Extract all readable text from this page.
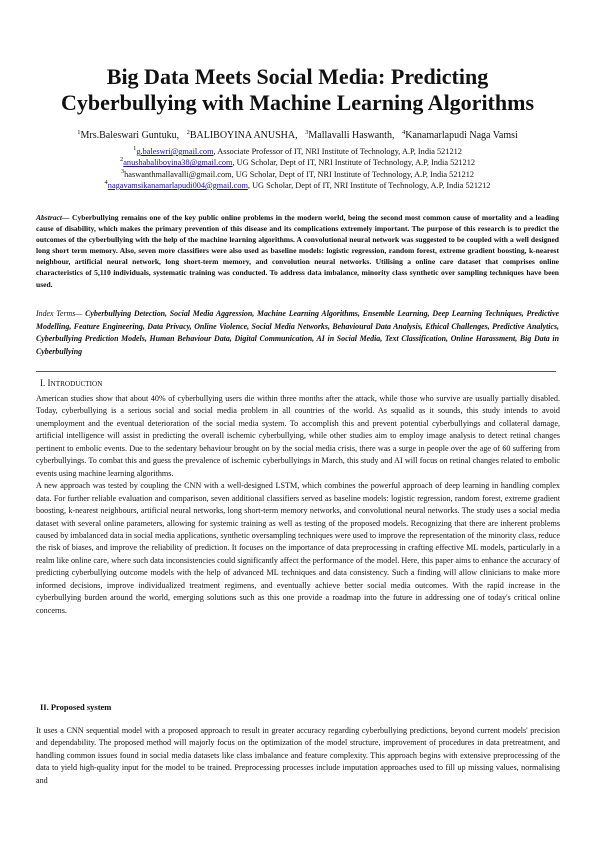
Big Data Meets Social Media: Predicting
Cyberbullying with Machine Learning Algorithms
$^1$Mrs.Baleswari Guntuku, $^2$BALIBOYINA ANUSHA, $^3$Mallavalli Haswanth, $^4$Kanamarlapudi Naga Vamsi
$^1$g.baleswri@gmail.com, Associate Professor of IT, NRI Institute of Technology, A.P, India 521212
$^2$anushabaliboyina38@gmail.com, UG Scholar, Dept of IT, NRI Institute of Technology, A.P, India 521212
$^3$haswanthmallavalli@gmail.com, UG Scholar, Dept of IT, NRI Institute of Technology, A.P, India 521212
$^4$nagavamsikanamarlapudi004@gmail.com, UG Scholar, Dept of IT, NRI Institute of Technology, A.P, India 521212

Abstract— Cyberbullying remains one of the key public online problems in the modern world, being the second most common cause of mortality and a leading cause of disability, which makes the primary prevention of this disease and its complications extremely important. The purpose of this research is to predict the outcomes of the cyberbullying with the help of the machine learning algorithms. A convolutional neural network was suggested to be coupled with a well designed long short term memory. Also, seven more classifiers were also used as baseline models: logistic regression, random forest, extreme gradient boosting, k-nearest neighbour, artificial neural network, long short-term memory, and convolution neural networks. Utilising a online care dataset that comprises online characteristics of 5,110 individuals, systematic training was conducted. To address data imbalance, minority class synthetic over sampling techniques have been used.

Index Terms— Cyberbullying Detection, Social Media Aggression, Machine Learning Algorithms, Ensemble Learning, Deep Learning Techniques, Predictive Modelling, Feature Engineering, Data Privacy, Online Violence, Social Media Networks, Behavioural Data Analysis, Ethical Challenges, Predictive Analytics, Cyberbullying Prediction Models, Human Behaviour Data, Digital Communication, AI in Social Media, Text Classification, Online Harassment, Big Data in Cyberbullying

I. INTRODUCTION

American studies show that about 40% of cyberbullying users die within three months after the attack, while those who survive are usually partially disabled. Today, cyberbullying is a serious social and social media problem in all countries of the world. As squalid as it sounds, this study intends to avoid unemployment and the eventual deterioration of the social media system. To accomplish this and prevent potential cyberbullyings and collateral damage, artificial intelligence will assist in predicting the overall ischemic cyberbullying, while other studies aim to employ image analysis to detect retinal changes pertinent to embolic events. Due to the sedentary behaviour brought on by the social media crisis, there was a surge in people over the age of 60 suffering from cyberbullyings. To combat this and guess the prevalence of ischemic cyberbullyings in March, this study and AI will focus on retinal changes related to embolic events using machine learning algorithms.

A new approach was tested by coupling the CNN with a well-designed LSTM, which combines the powerful approach of deep learning in handling complex data. For further reliable evaluation and comparison, seven additional classifiers served as baseline models: logistic regression, random forest, extreme gradient boosting, k-nearest neighbours, artificial neural networks, long short-term memory networks, and convolutional neural networks. The study uses a social media dataset with several online parameters, allowing for systemic training as well as testing of the proposed models. Recognizing that there are inherent problems caused by imbalanced data in social media applications, synthetic oversampling techniques were used to improve the representation of the minority class, reduce the risk of biases, and improve the reliability of prediction. It focuses on the importance of data preprocessing in crafting effective ML models, particularly in a realm like online care, where such data inconsistencies could significantly affect the performance of the model. Here, this paper aims to enhance the accuracy of predicting cyberbullying outcome models with the help of advanced ML techniques and data consistency. Such a finding will allow clinicians to make more informed decisions, improve individualized treatment regimens, and eventually achieve better social media outcomes. With the rapid increase in the cyberbullying burden around the world, emerging solutions such as this one provide a roadmap into the future in addressing one of today's critical online concerns.

II. Proposed system

It uses a CNN sequential model with a proposed approach to result in greater accuracy regarding cyberbullying predictions, beyond current models' precision and dependability. The proposed method will majorly focus on the optimization of the model structure, improvement of procedures in data pretreatment, and handling common issues found in social media datasets like class imbalance and feature complexity. This approach begins with extensive preprocessing of the data to yield high-quality input for the model to be trained. Preprocessing processes include imputation approaches used to fill up missing values, normalising and
